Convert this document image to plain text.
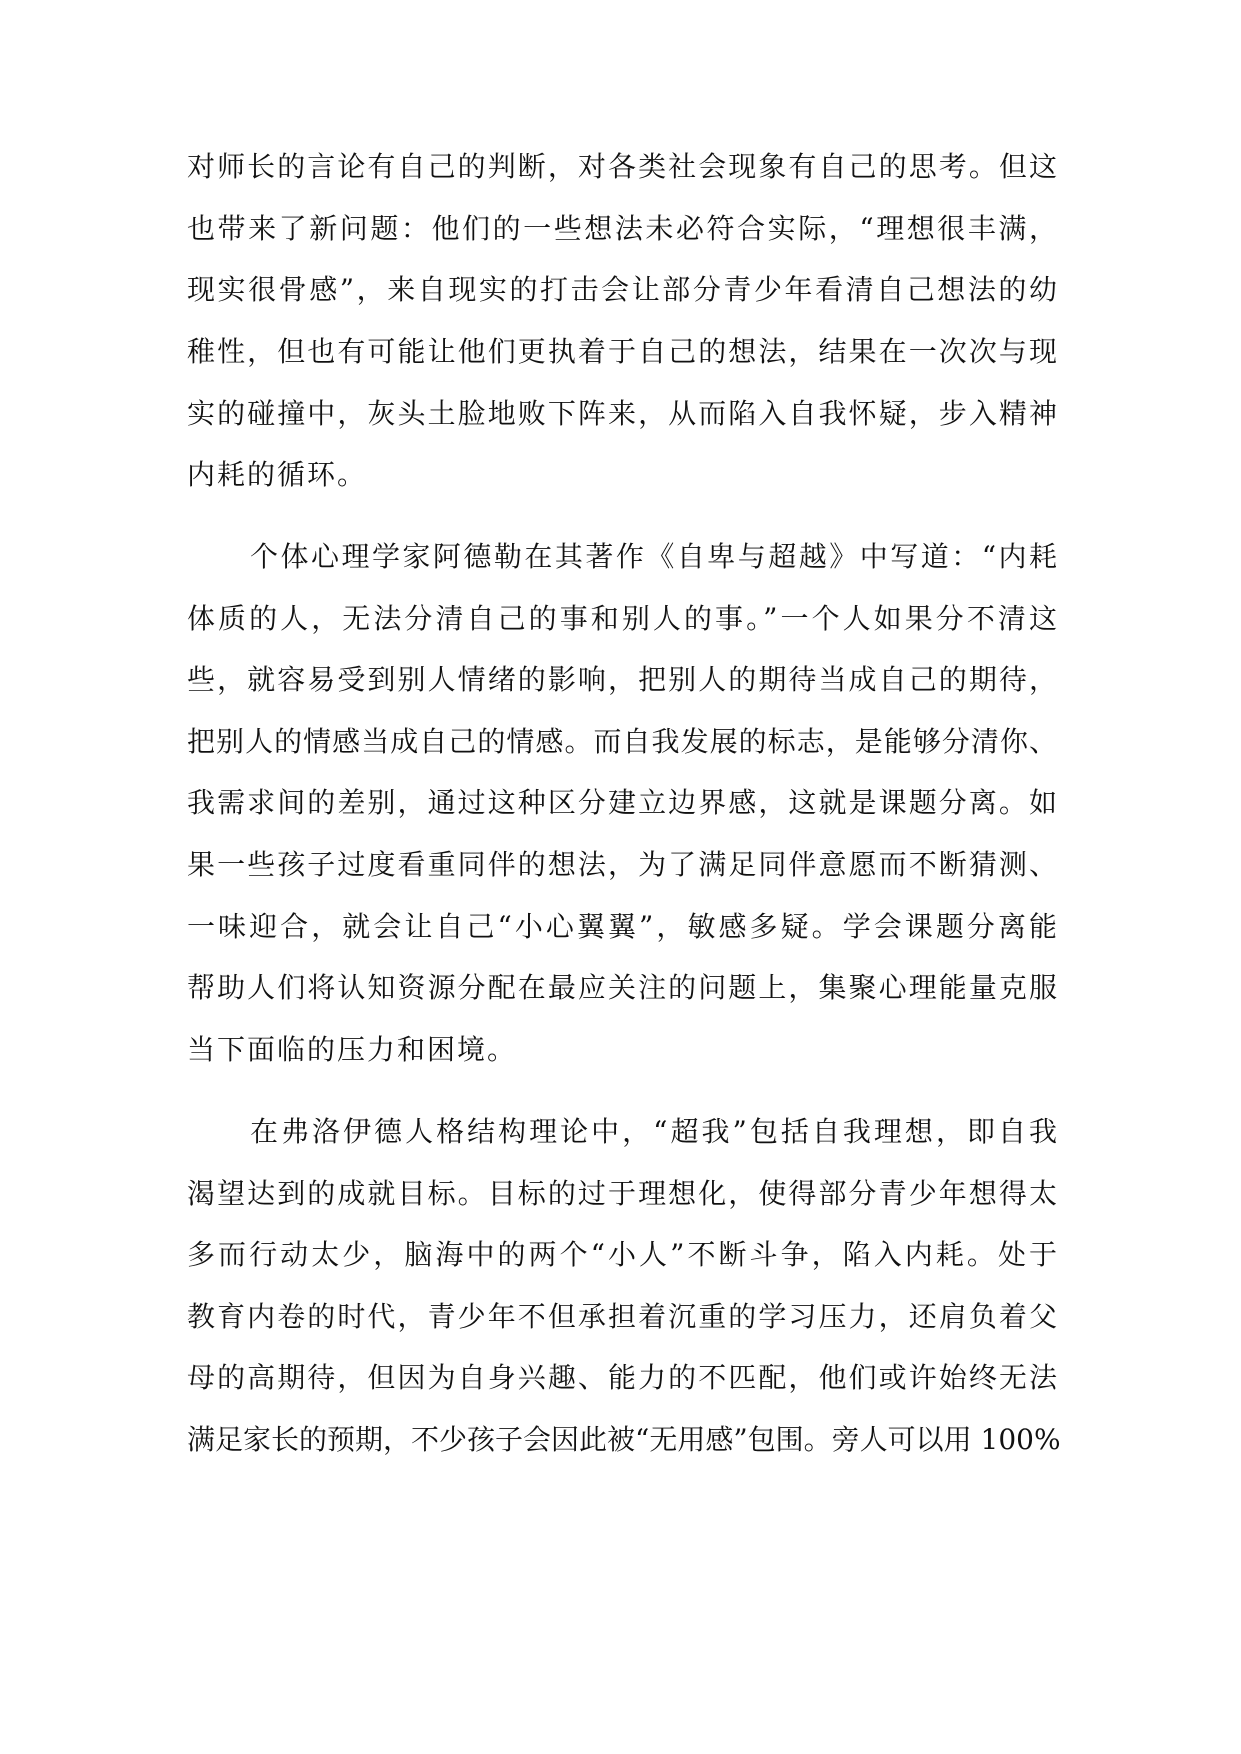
对师长的言论有自己的判断，对各类社会现象有自己的思考。但这
也带来了新问题：他们的一些想法未必符合实际，“理想很丰满，
现实很骨感”，来自现实的打击会让部分青少年看清自己想法的幼
稚性，但也有可能让他们更执着于自己的想法，结果在一次次与现
实的碰撞中，灰头土脸地败下阵来，从而陷入自我怀疑，步入精神
内耗的循环。
个体心理学家阿德勒在其著作《自卑与超越》中写道：“内耗
体质的人，无法分清自己的事和别人的事。”一个人如果分不清这
些，就容易受到别人情绪的影响，把别人的期待当成自己的期待，
把别人的情感当成自己的情感。而自我发展的标志，是能够分清你、
我需求间的差别，通过这种区分建立边界感，这就是课题分离。如
果一些孩子过度看重同伴的想法，为了满足同伴意愿而不断猜测、
一味迎合，就会让自己“小心翼翼”，敏感多疑。学会课题分离能
帮助人们将认知资源分配在最应关注的问题上，集聚心理能量克服
当下面临的压力和困境。
在弗洛伊德人格结构理论中，“超我”包括自我理想，即自我
渴望达到的成就目标。目标的过于理想化，使得部分青少年想得太
多而行动太少，脑海中的两个“小人”不断斗争，陷入内耗。处于
教育内卷的时代，青少年不但承担着沉重的学习压力，还肩负着父
母的高期待，但因为自身兴趣、能力的不匹配，他们或许始终无法
满足家长的预期，不少孩子会因此被“无用感”包围。旁人可以用 100%
